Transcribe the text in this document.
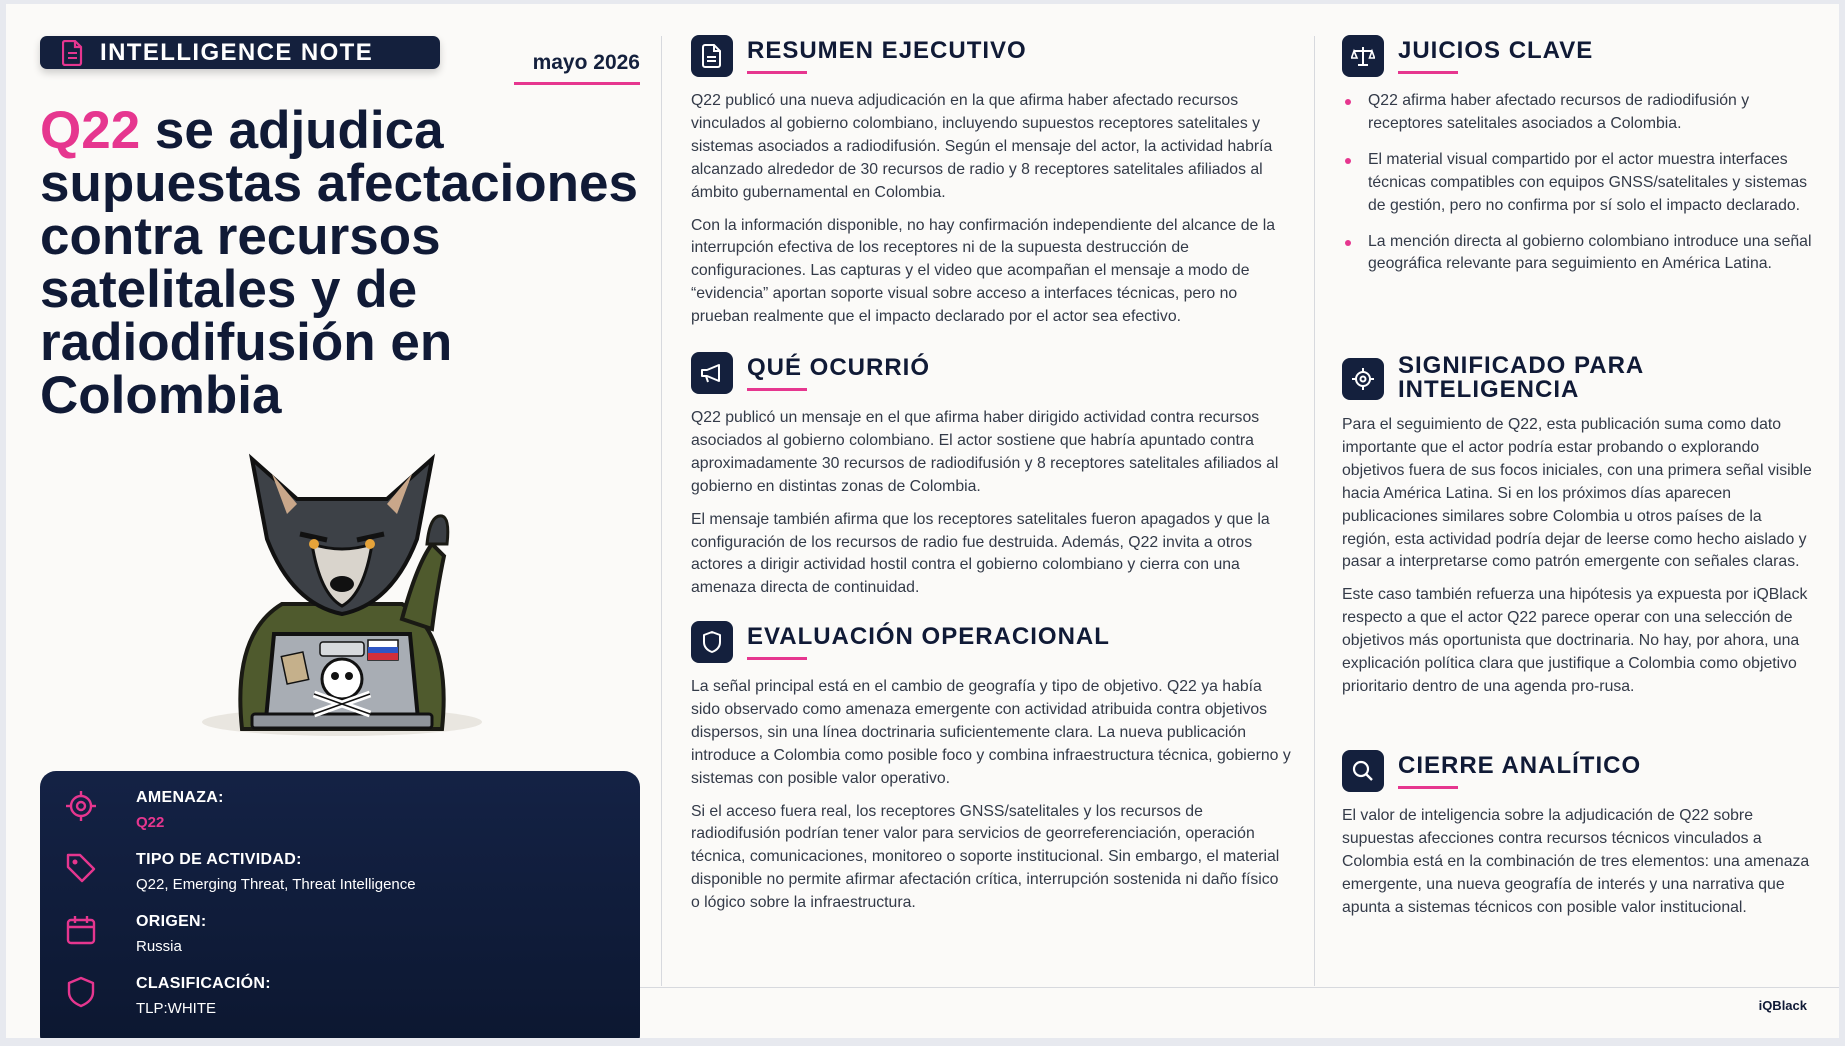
INTELLIGENCE NOTE	mayo 2026
Q22 se adjudica supuestas afectaciones contra recursos satelitales y de radiodifusión en Colombia
AMENAZA:
Q22
TIPO DE ACTIVIDAD:
Q22, Emerging Threat, Threat Intelligence
ORIGEN:
Russia
CLASIFICACIÓN:
TLP:WHITE	iQBlack
RESUMEN EJECUTIVO

Q22 publicó una nueva adjudicación en la que afirma haber afectado recursos vinculados al gobierno colombiano, incluyendo supuestos receptores satelitales y sistemas asociados a radiodifusión. Según el mensaje del actor, la actividad habría alcanzado alrededor de 30 recursos de radio y 8 receptores satelitales afiliados al ámbito gubernamental en Colombia.

Con la información disponible, no hay confirmación independiente del alcance de la interrupción efectiva de los receptores ni de la supuesta destrucción de configuraciones. Las capturas y el video que acompañan el mensaje a modo de “evidencia” aportan soporte visual sobre acceso a interfaces técnicas, pero no prueban realmente que el impacto declarado por el actor sea efectivo.

QUÉ OCURRIÓ

Q22 publicó un mensaje en el que afirma haber dirigido actividad contra recursos asociados al gobierno colombiano. El actor sostiene que habría apuntado contra aproximadamente 30 recursos de radiodifusión y 8 receptores satelitales afiliados al gobierno en distintas zonas de Colombia.

El mensaje también afirma que los receptores satelitales fueron apagados y que la configuración de los recursos de radio fue destruida. Además, Q22 invita a otros actores a dirigir actividad hostil contra el gobierno colombiano y cierra con una amenaza directa de continuidad.

EVALUACIÓN OPERACIONAL

La señal principal está en el cambio de geografía y tipo de objetivo. Q22 ya había sido observado como amenaza emergente con actividad atribuida contra objetivos dispersos, sin una línea doctrinaria suficientemente clara. La nueva publicación introduce a Colombia como posible foco y combina infraestructura técnica, gobierno y sistemas con posible valor operativo.

Si el acceso fuera real, los receptores GNSS/satelitales y los recursos de radiodifusión podrían tener valor para servicios de georreferenciación, operación técnica, comunicaciones, monitoreo o soporte institucional. Sin embargo, el material disponible no permite afirmar afectación crítica, interrupción sostenida ni daño físico o lógico sobre la infraestructura.

JUICIOS CLAVE
Q22 afirma haber afectado recursos de radiodifusión y receptores satelitales asociados a Colombia.
El material visual compartido por el actor muestra interfaces técnicas compatibles con equipos GNSS/satelitales y sistemas de gestión, pero no confirma por sí solo el impacto declarado.
La mención directa al gobierno colombiano introduce una señal geográfica relevante para seguimiento en América Latina.
SIGNIFICADO PARA
INTELIGENCIA

Para el seguimiento de Q22, esta publicación suma como dato importante que el actor podría estar probando o explorando objetivos fuera de sus focos iniciales, con una primera señal visible hacia América Latina. Si en los próximos días aparecen publicaciones similares sobre Colombia u otros países de la región, esta actividad podría dejar de leerse como hecho aislado y pasar a interpretarse como patrón emergente con señales claras.

Este caso también refuerza una hipótesis ya expuesta por iQBlack respecto a que el actor Q22 parece operar con una selección de objetivos más oportunista que doctrinaria. No hay, por ahora, una explicación política clara que justifique a Colombia como objetivo prioritario dentro de una agenda pro-rusa.

CIERRE ANALÍTICO

El valor de inteligencia sobre la adjudicación de Q22 sobre supuestas afecciones contra recursos técnicos vinculados a Colombia está en la combinación de tres elementos: una amenaza emergente, una nueva geografía de interés y una narrativa que apunta a sistemas técnicos con posible valor institucional.
